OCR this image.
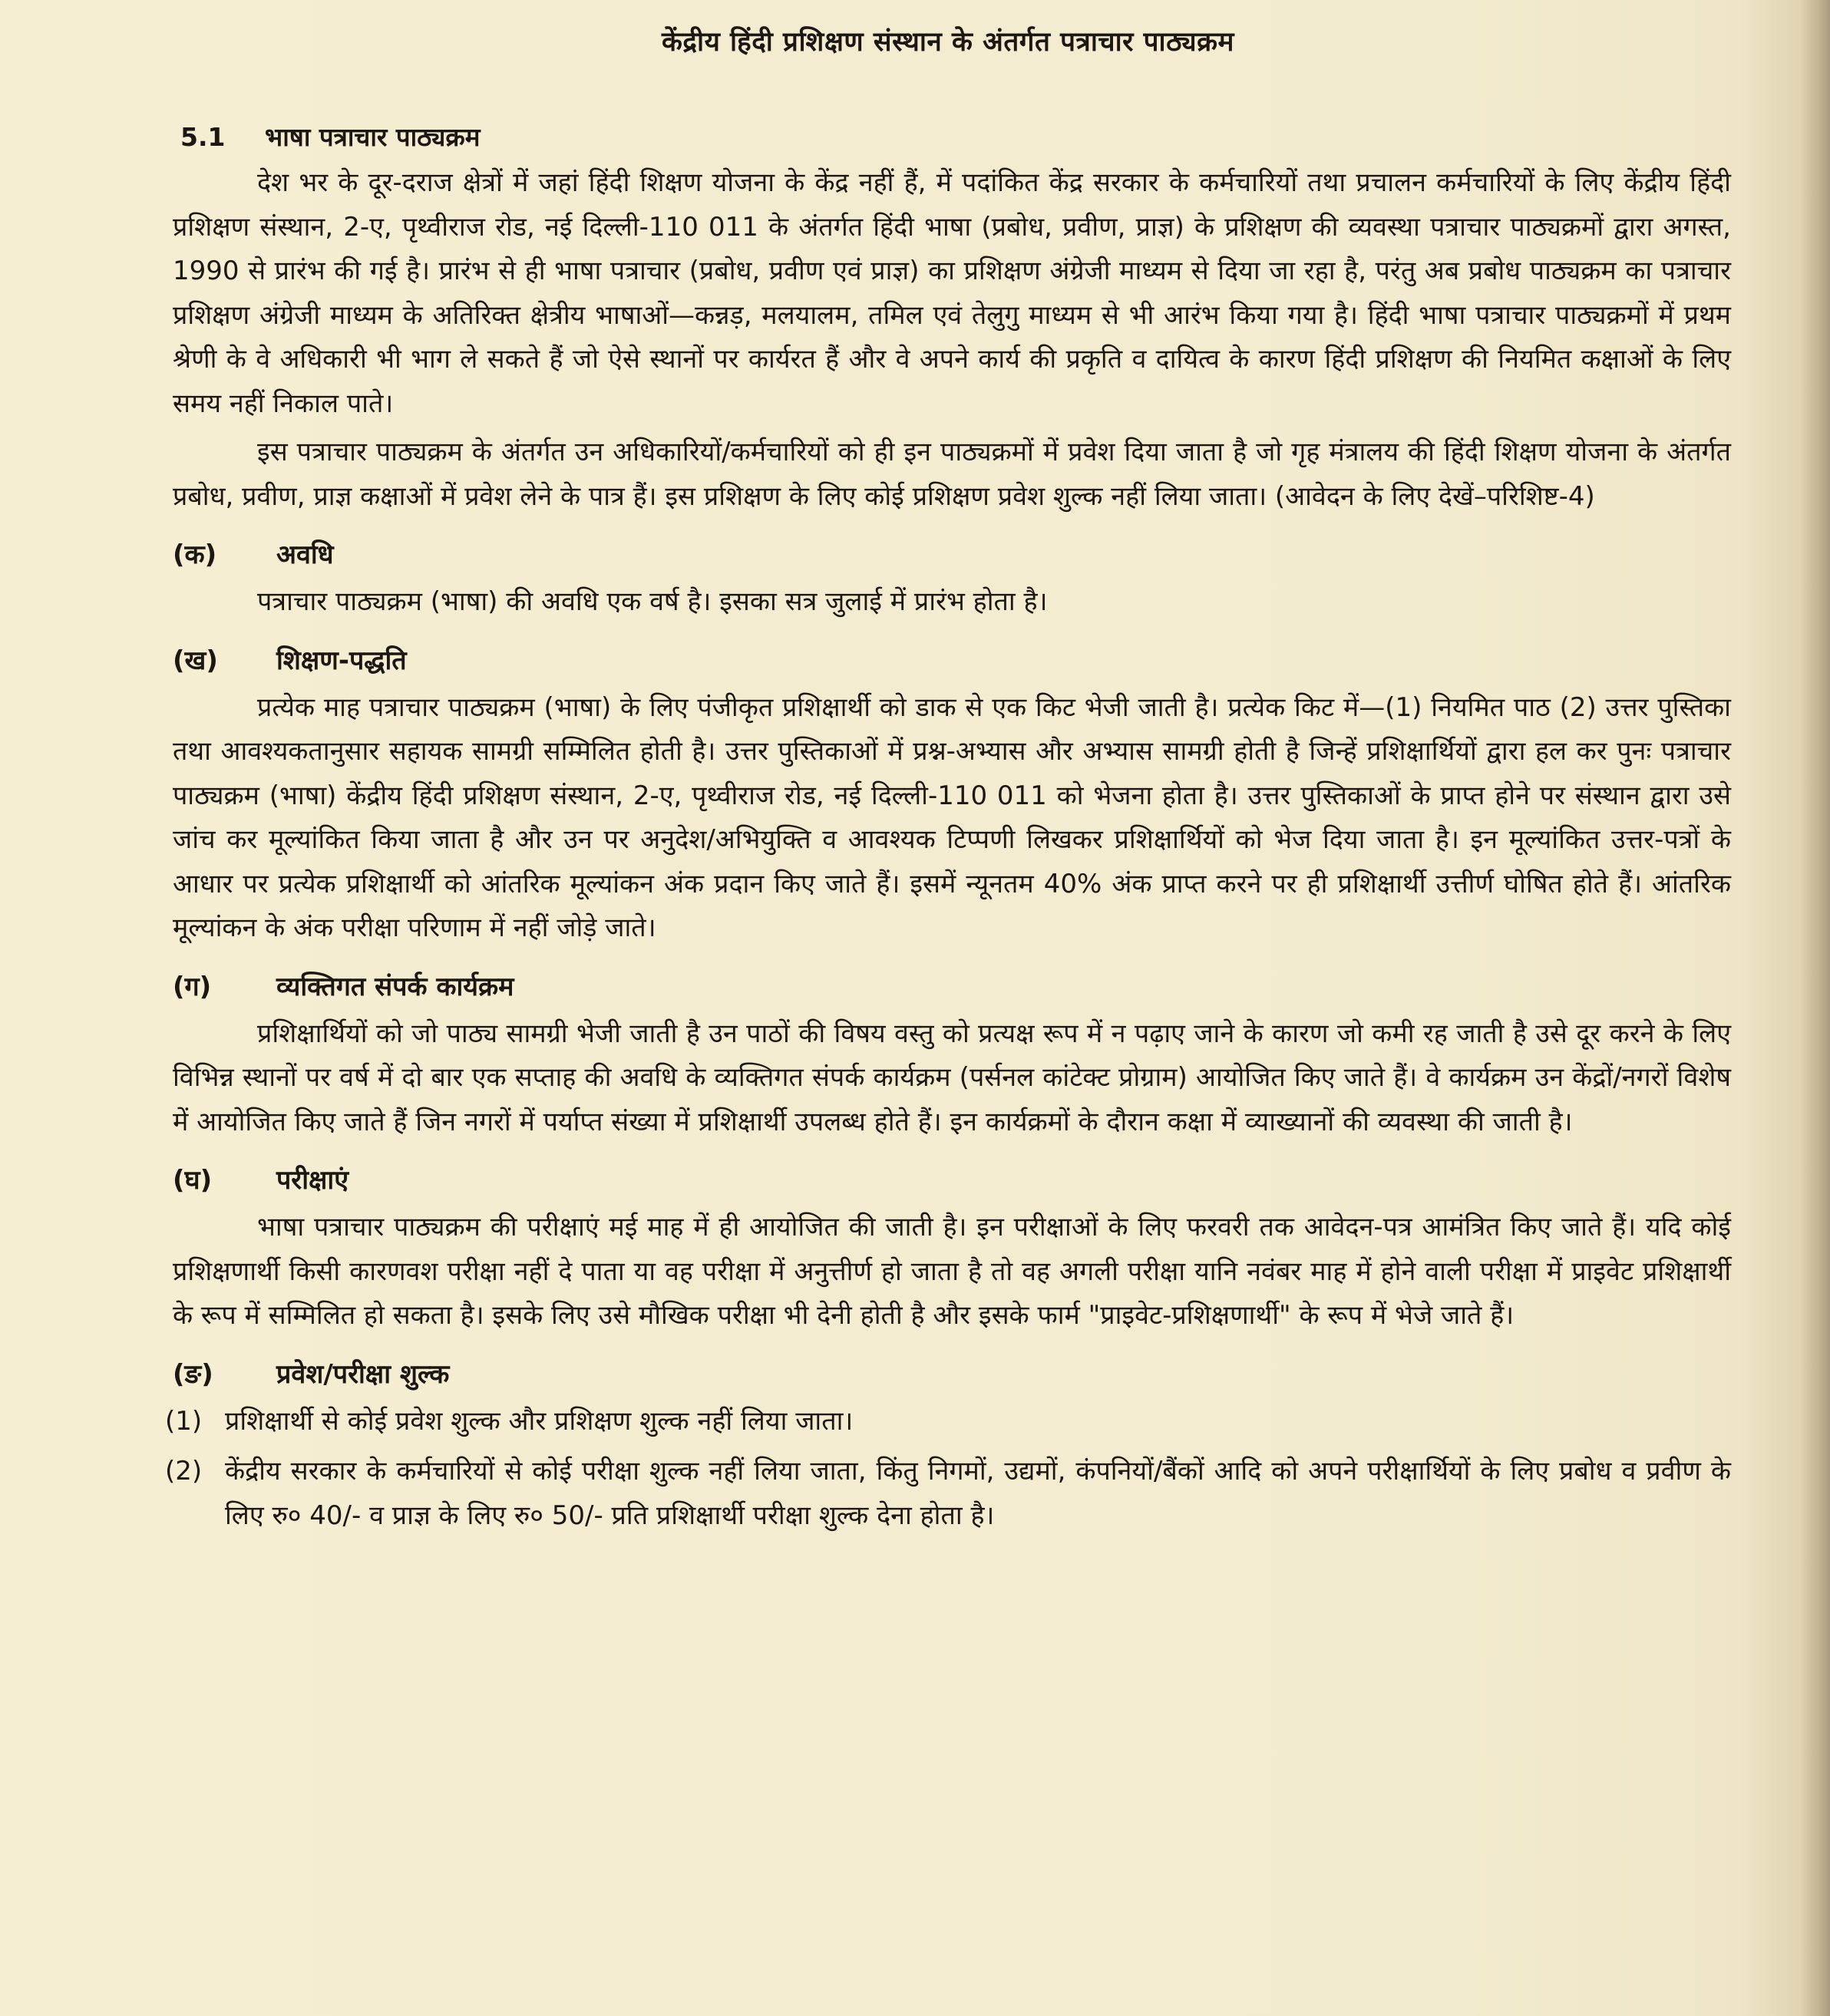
केंद्रीय हिंदी प्रशिक्षण संस्थान के अंतर्गत पत्राचार पाठ्यक्रम
5.1 भाषा पत्राचार पाठ्यक्रम

देश भर के दूर-दराज क्षेत्रों में जहां हिंदी शिक्षण योजना के केंद्र नहीं हैं, में पदांकित केंद्र सरकार के कर्मचारियों तथा प्रचालन कर्मचारियों के लिए केंद्रीय हिंदी प्रशिक्षण संस्थान, 2-ए, पृथ्वीराज रोड, नई दिल्ली-110 011 के अंतर्गत हिंदी भाषा (प्रबोध, प्रवीण, प्राज्ञ) के प्रशिक्षण की व्यवस्था पत्राचार पाठ्यक्रमों द्वारा अगस्त, 1990 से प्रारंभ की गई है। प्रारंभ से ही भाषा पत्राचार (प्रबोध, प्रवीण एवं प्राज्ञ) का प्रशिक्षण अंग्रेजी माध्यम से दिया जा रहा है, परंतु अब प्रबोध पाठ्यक्रम का पत्राचार प्रशिक्षण अंग्रेजी माध्यम के अतिरिक्त क्षेत्रीय भाषाओं—कन्नड़, मलयालम, तमिल एवं तेलुगु माध्यम से भी आरंभ किया गया है। हिंदी भाषा पत्राचार पाठ्यक्रमों में प्रथम श्रेणी के वे अधिकारी भी भाग ले सकते हैं जो ऐसे स्थानों पर कार्यरत हैं और वे अपने कार्य की प्रकृति व दायित्व के कारण हिंदी प्रशिक्षण की नियमित कक्षाओं के लिए समय नहीं निकाल पाते।

इस पत्राचार पाठ्यक्रम के अंतर्गत उन अधिकारियों/कर्मचारियों को ही इन पाठ्यक्रमों में प्रवेश दिया जाता है जो गृह मंत्रालय की हिंदी शिक्षण योजना के अंतर्गत प्रबोध, प्रवीण, प्राज्ञ कक्षाओं में प्रवेश लेने के पात्र हैं। इस प्रशिक्षण के लिए कोई प्रशिक्षण प्रवेश शुल्क नहीं लिया जाता। (आवेदन के लिए देखें–परिशिष्ट-4)

(क) अवधि

पत्राचार पाठ्यक्रम (भाषा) की अवधि एक वर्ष है। इसका सत्र जुलाई में प्रारंभ होता है।

(ख) शिक्षण-पद्धति

प्रत्येक माह पत्राचार पाठ्यक्रम (भाषा) के लिए पंजीकृत प्रशिक्षार्थी को डाक से एक किट भेजी जाती है। प्रत्येक किट में—(1) नियमित पाठ (2) उत्तर पुस्तिका तथा आवश्यकतानुसार सहायक सामग्री सम्मिलित होती है। उत्तर पुस्तिकाओं में प्रश्न-अभ्यास और अभ्यास सामग्री होती है जिन्हें प्रशिक्षार्थियों द्वारा हल कर पुनः पत्राचार पाठ्यक्रम (भाषा) केंद्रीय हिंदी प्रशिक्षण संस्थान, 2-ए, पृथ्वीराज रोड, नई दिल्ली-110 011 को भेजना होता है। उत्तर पुस्तिकाओं के प्राप्त होने पर संस्थान द्वारा उसे जांच कर मूल्यांकित किया जाता है और उन पर अनुदेश/अभियुक्ति व आवश्यक टिप्पणी लिखकर प्रशिक्षार्थियों को भेज दिया जाता है। इन मूल्यांकित उत्तर-पत्रों के आधार पर प्रत्येक प्रशिक्षार्थी को आंतरिक मूल्यांकन अंक प्रदान किए जाते हैं। इसमें न्यूनतम 40% अंक प्राप्त करने पर ही प्रशिक्षार्थी उत्तीर्ण घोषित होते हैं। आंतरिक मूल्यांकन के अंक परीक्षा परिणाम में नहीं जोड़े जाते।

(ग) व्यक्तिगत संपर्क कार्यक्रम

प्रशिक्षार्थियों को जो पाठ्य सामग्री भेजी जाती है उन पाठों की विषय वस्तु को प्रत्यक्ष रूप में न पढ़ाए जाने के कारण जो कमी रह जाती है उसे दूर करने के लिए विभिन्न स्थानों पर वर्ष में दो बार एक सप्ताह की अवधि के व्यक्तिगत संपर्क कार्यक्रम (पर्सनल कांटेक्ट प्रोग्राम) आयोजित किए जाते हैं। वे कार्यक्रम उन केंद्रों/नगरों विशेष में आयोजित किए जाते हैं जिन नगरों में पर्याप्त संख्या में प्रशिक्षार्थी उपलब्ध होते हैं। इन कार्यक्रमों के दौरान कक्षा में व्याख्यानों की व्यवस्था की जाती है।

(घ) परीक्षाएं

भाषा पत्राचार पाठ्यक्रम की परीक्षाएं मई माह में ही आयोजित की जाती है। इन परीक्षाओं के लिए फरवरी तक आवेदन-पत्र आमंत्रित किए जाते हैं। यदि कोई प्रशिक्षणार्थी किसी कारणवश परीक्षा नहीं दे पाता या वह परीक्षा में अनुत्तीर्ण हो जाता है तो वह अगली परीक्षा यानि नवंबर माह में होने वाली परीक्षा में प्राइवेट प्रशिक्षार्थी के रूप में सम्मिलित हो सकता है। इसके लिए उसे मौखिक परीक्षा भी देनी होती है और इसके फार्म "प्राइवेट-प्रशिक्षणार्थी" के रूप में भेजे जाते हैं।

(ङ) प्रवेश/परीक्षा शुल्क
(1) प्रशिक्षार्थी से कोई प्रवेश शुल्क और प्रशिक्षण शुल्क नहीं लिया जाता।
(2) केंद्रीय सरकार के कर्मचारियों से कोई परीक्षा शुल्क नहीं लिया जाता, किंतु निगमों, उद्यमों, कंपनियों/बैंकों आदि को अपने परीक्षार्थियों के लिए प्रबोध व प्रवीण के लिए रु० 40/- व प्राज्ञ के लिए रु० 50/- प्रति प्रशिक्षार्थी परीक्षा शुल्क देना होता है।
